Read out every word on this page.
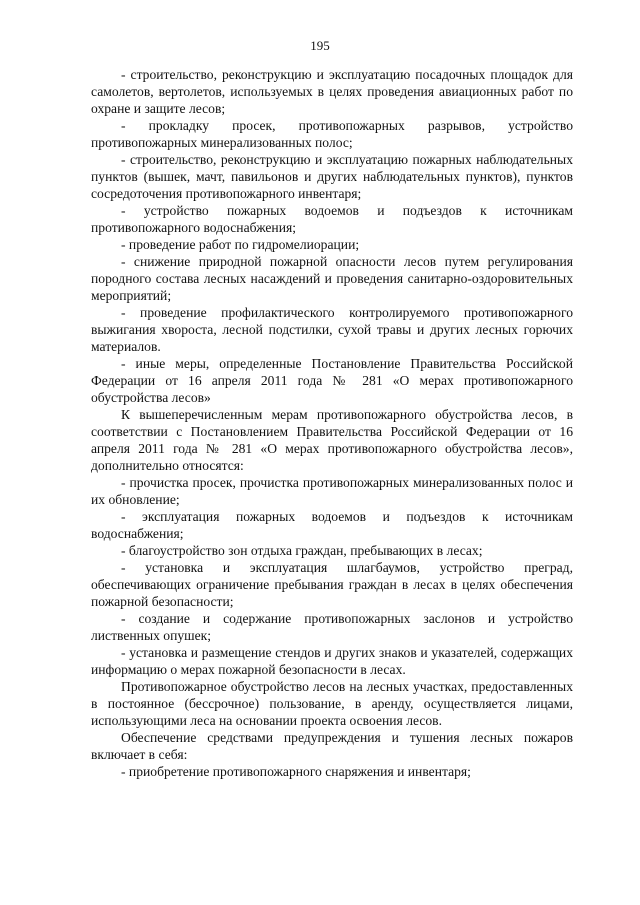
195

- строительство, реконструкцию и эксплуатацию посадочных площадок для самолетов, вертолетов, используемых в целях проведения авиационных работ по охране и защите лесов;

- прокладку просек, противопожарных разрывов, устройство противопожарных минерализованных полос;

- строительство, реконструкцию и эксплуатацию пожарных наблюдательных пунктов (вышек, мачт, павильонов и других наблюдательных пунктов), пунктов сосредоточения противопожарного инвентаря;

- устройство пожарных водоемов и подъездов к источникам противопожарного водоснабжения;

- проведение работ по гидромелиорации;

- снижение природной пожарной опасности лесов путем регулирования породного состава лесных насаждений и проведения санитарно-оздоровительных мероприятий;

- проведение профилактического контролируемого противопожарного выжигания хвороста, лесной подстилки, сухой травы и других лесных горючих материалов.

- иные меры, определенные Постановление Правительства Российской Федерации от 16 апреля 2011 года № 281 «О мерах противопожарного обустройства лесов»

К вышеперечисленным мерам противопожарного обустройства лесов, в соответствии с Постановлением Правительства Российской Федерации от 16 апреля 2011 года № 281 «О мерах противопожарного обустройства лесов», дополнительно относятся:

- прочистка просек, прочистка противопожарных минерализованных полос и их обновление;

- эксплуатация пожарных водоемов и подъездов к источникам водоснабжения;

- благоустройство зон отдыха граждан, пребывающих в лесах;

- установка и эксплуатация шлагбаумов, устройство преград, обеспечивающих ограничение пребывания граждан в лесах в целях обеспечения пожарной безопасности;

- создание и содержание противопожарных заслонов и устройство лиственных опушек;

- установка и размещение стендов и других знаков и указателей, содержащих информацию о мерах пожарной безопасности в лесах.

Противопожарное обустройство лесов на лесных участках, предоставленных в постоянное (бессрочное) пользование, в аренду, осуществляется лицами, использующими леса на основании проекта освоения лесов.

Обеспечение средствами предупреждения и тушения лесных пожаров включает в себя:

- приобретение противопожарного снаряжения и инвентаря;
